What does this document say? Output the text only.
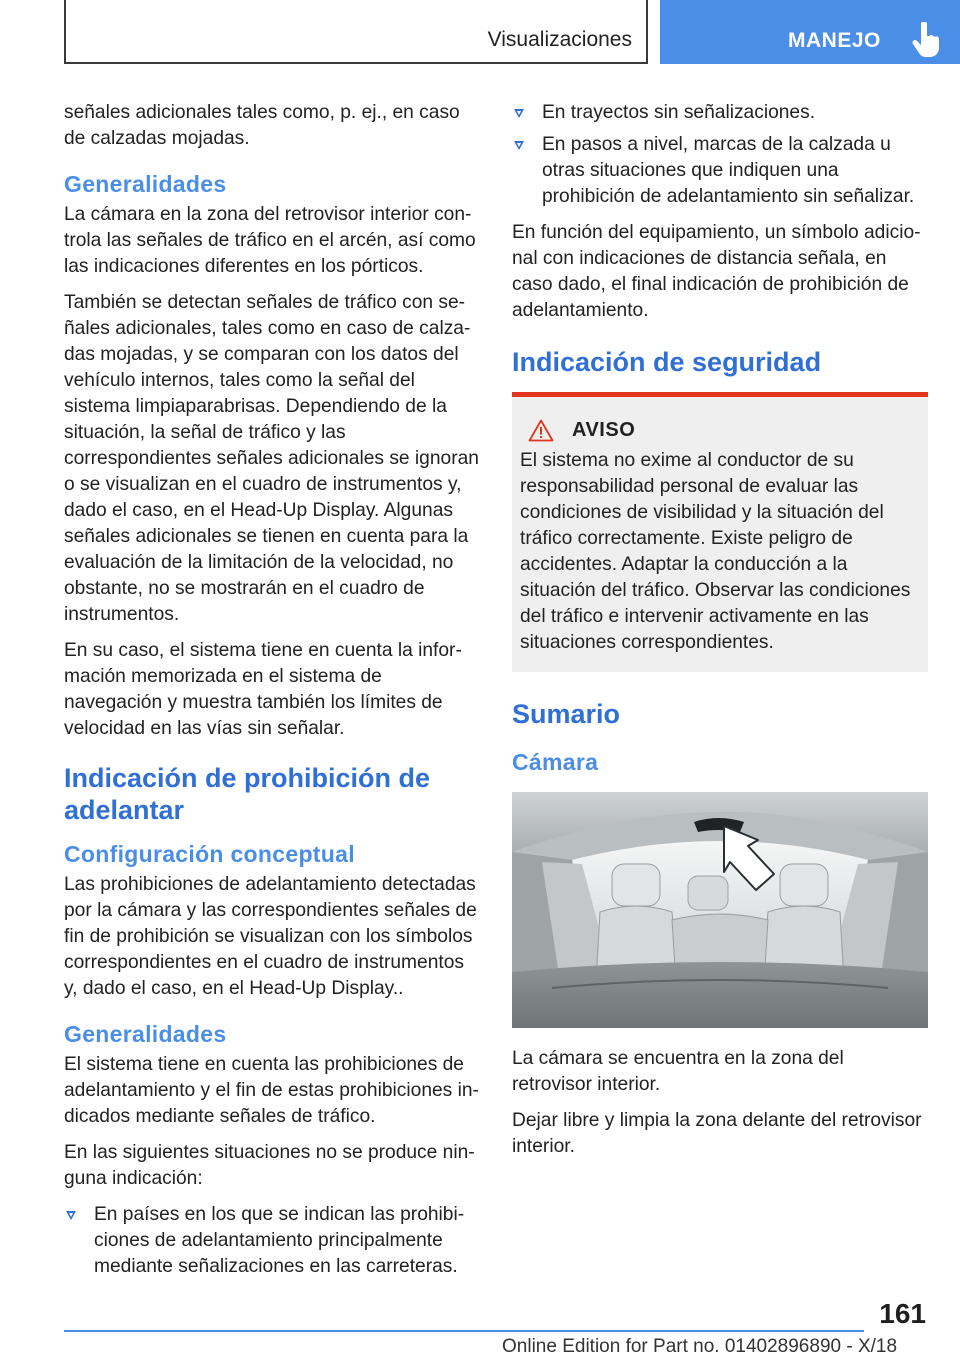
Visualizaciones	MANEJO

señales adicionales tales como, p. ej., en caso de calzadas mojadas.

Generalidades

La cámara en la zona del retrovisor interior controla las señales de tráfico en el arcén, así como las indicaciones diferentes en los pórticos.

También se detectan señales de tráfico con señales adicionales, tales como en caso de calzadas mojadas, y se comparan con los datos del vehículo internos, tales como la señal del sistema limpiaparabrisas. Dependiendo de la situación, la señal de tráfico y las correspondientes señales adicionales se ignoran o se visualizan en el cuadro de instrumentos y, dado el caso, en el Head-Up Display. Algunas señales adicionales se tienen en cuenta para la evaluación de la limitación de la velocidad, no obstante, no se mostrarán en el cuadro de instrumentos.

En su caso, el sistema tiene en cuenta la información memorizada en el sistema de navegación y muestra también los límites de velocidad en las vías sin señalar.

Indicación de prohibición de adelantar
Configuración conceptual

Las prohibiciones de adelantamiento detectadas por la cámara y las correspondientes señales de fin de prohibición se visualizan con los símbolos correspondientes en el cuadro de instrumentos y, dado el caso, en el Head-Up Display..

Generalidades

El sistema tiene en cuenta las prohibiciones de adelantamiento y el fin de estas prohibiciones indicados mediante señales de tráfico.

En las siguientes situaciones no se produce ninguna indicación:

En países en los que se indican las prohibiciones de adelantamiento principalmente mediante señalizaciones en las carreteras.
En trayectos sin señalizaciones.
En pasos a nivel, marcas de la calzada u otras situaciones que indiquen una prohibición de adelantamiento sin señalizar.

En función del equipamiento, un símbolo adicional con indicaciones de distancia señala, en caso dado, el final indicación de prohibición de adelantamiento.

Indicación de seguridad
AVISO

El sistema no exime al conductor de su responsabilidad personal de evaluar las condiciones de visibilidad y la situación del tráfico correctamente. Existe peligro de accidentes. Adaptar la conducción a la situación del tráfico. Observar las condiciones del tráfico e intervenir activamente en las situaciones correspondientes.

Sumario
Cámara

La cámara se encuentra en la zona del retrovisor interior.

Dejar libre y limpia la zona delante del retrovisor interior.

161
Online Edition for Part no. 01402896890 - X/18
